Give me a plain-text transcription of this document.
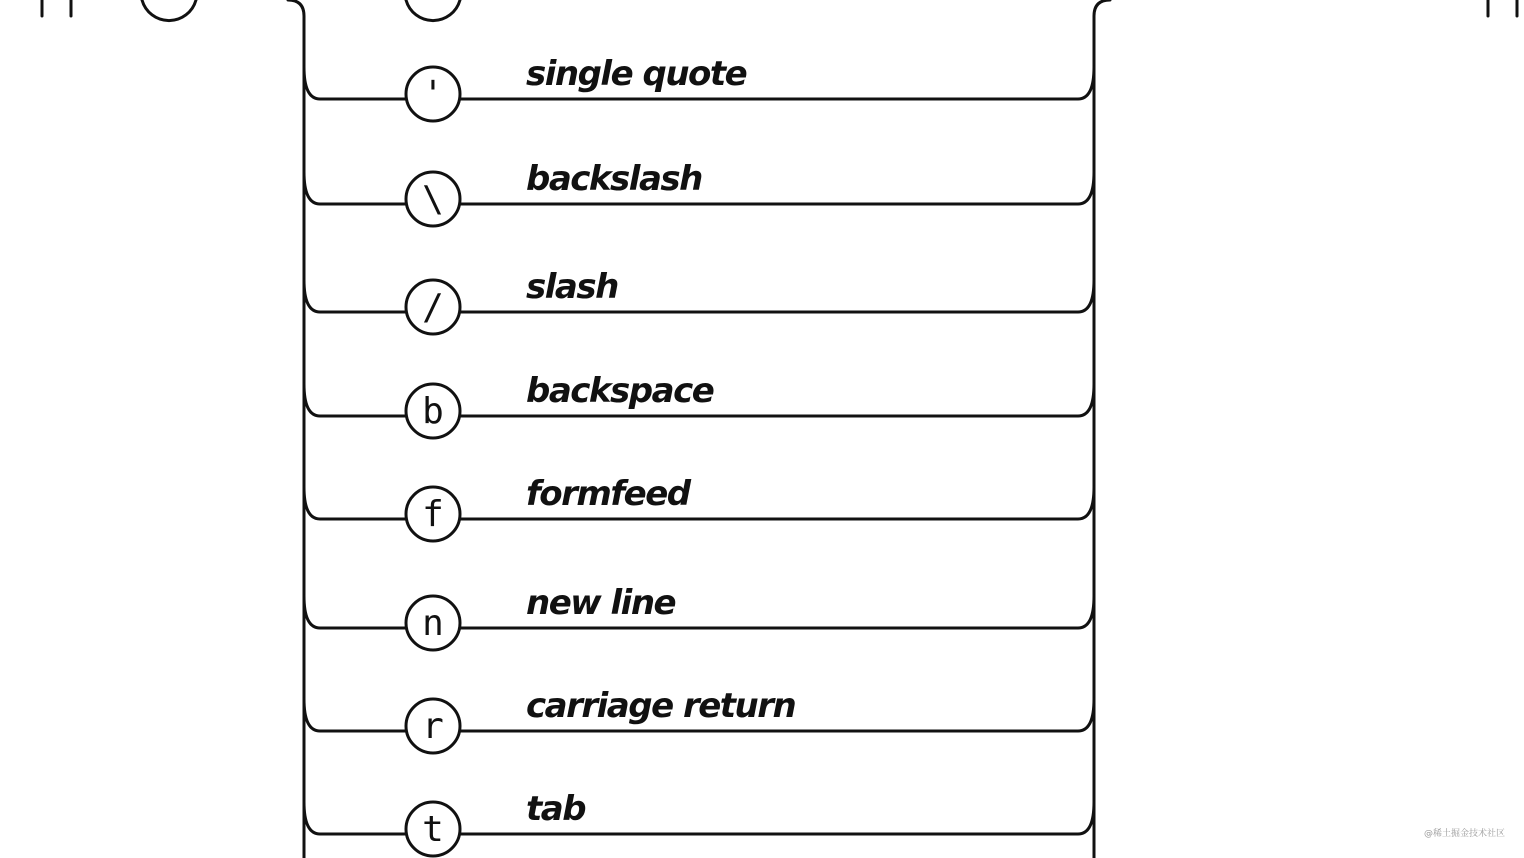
' single quote
\ backslash
/ slash
b backspace
f formfeed
n new line
r carriage return
t tab
@稀土掘金技术社区
